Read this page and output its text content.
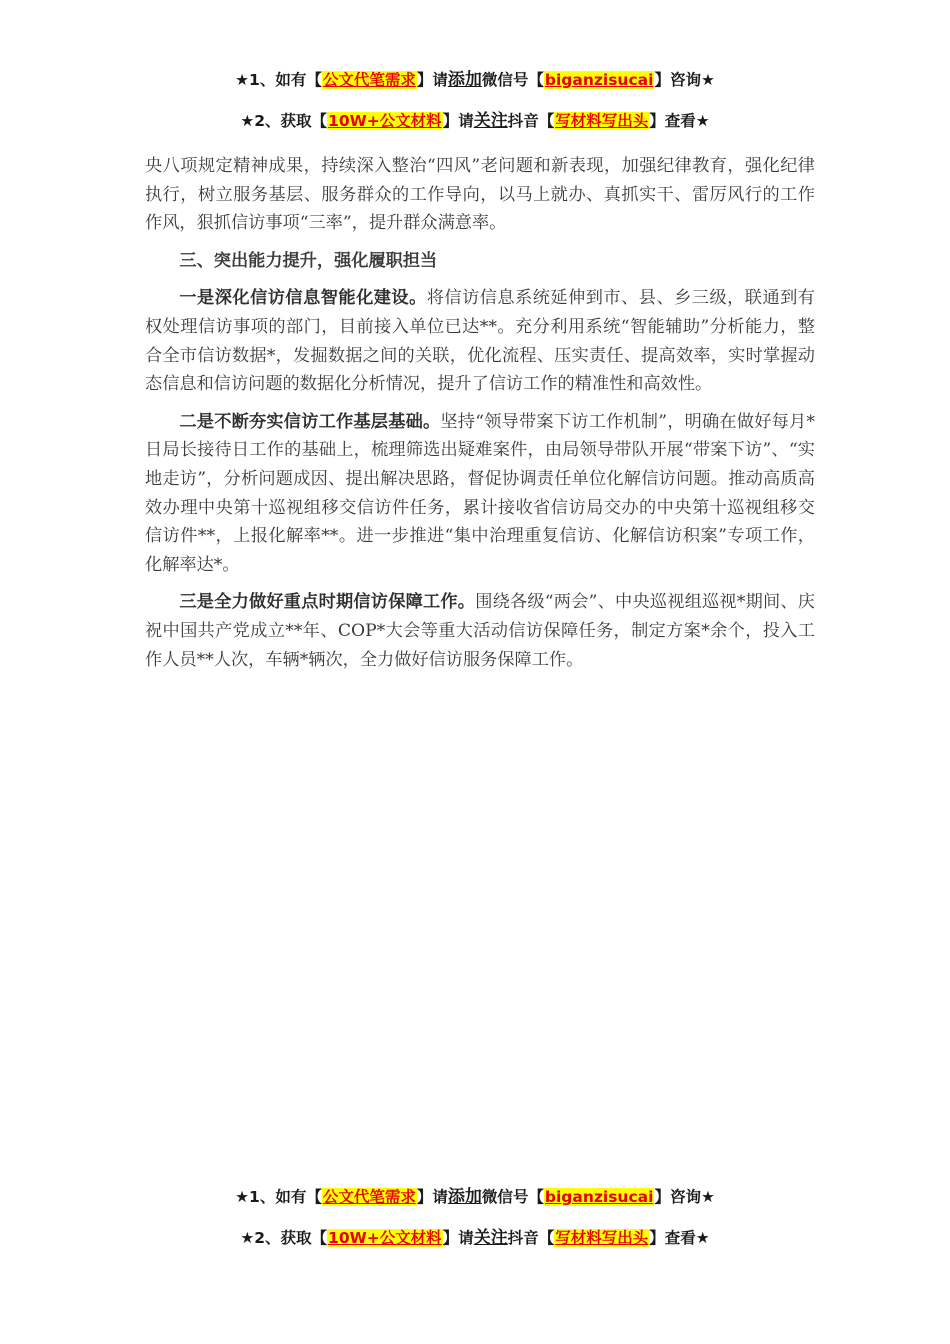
★1、如有【公文代笔需求】请添加微信号【biganzisucai】咨询★
★2、获取【10W+公文材料】请关注抖音【写材料写出头】查看★

央八项规定精神成果，持续深入整治“四风”老问题和新表现，加强纪律教育，强化纪律执行，树立服务基层、服务群众的工作导向，以马上就办、真抓实干、雷厉风行的工作作风，狠抓信访事项“三率”，提升群众满意率。

三、突出能力提升，强化履职担当

一是深化信访信息智能化建设。将信访信息系统延伸到市、县、乡三级，联通到有权处理信访事项的部门，目前接入单位已达**。充分利用系统“智能辅助”分析能力，整合全市信访数据*，发掘数据之间的关联，优化流程、压实责任、提高效率，实时掌握动态信息和信访问题的数据化分析情况，提升了信访工作的精准性和高效性。

二是不断夯实信访工作基层基础。坚持“领导带案下访工作机制”，明确在做好每月*日局长接待日工作的基础上，梳理筛选出疑难案件，由局领导带队开展“带案下访”、“实地走访”，分析问题成因、提出解决思路，督促协调责任单位化解信访问题。推动高质高效办理中央第十巡视组移交信访件任务，累计接收省信访局交办的中央第十巡视组移交信访件**，上报化解率**。进一步推进“集中治理重复信访、化解信访积案”专项工作，化解率达*。

三是全力做好重点时期信访保障工作。围绕各级“两会”、中央巡视组巡视*期间、庆祝中国共产党成立**年、COP*大会等重大活动信访保障任务，制定方案*余个，投入工作人员**人次，车辆*辆次，全力做好信访服务保障工作。

★1、如有【公文代笔需求】请添加微信号【biganzisucai】咨询★
★2、获取【10W+公文材料】请关注抖音【写材料写出头】查看★
